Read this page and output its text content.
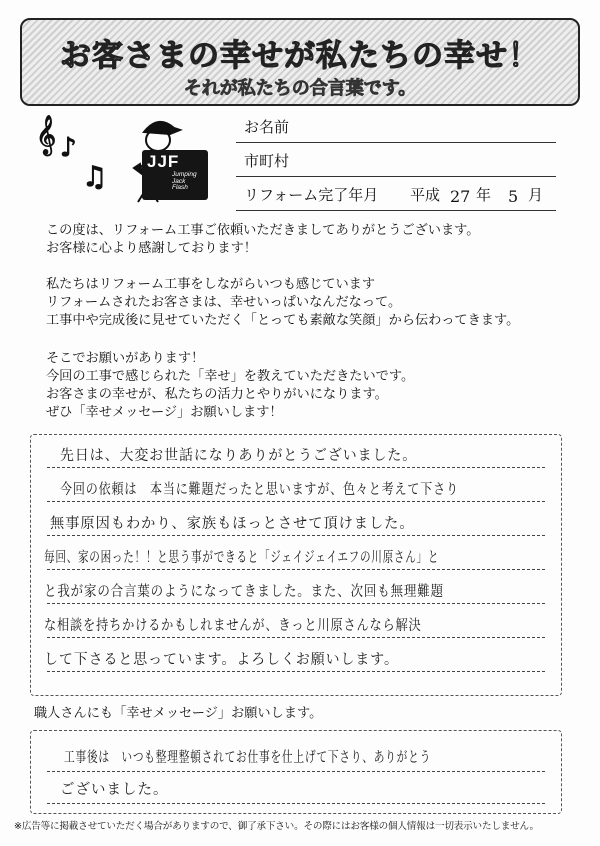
お客さまの幸せが私たちの幸せ！
それが私たちの合言葉です。
𝄞 ♪
♫ JJF
Jumping
Jack
Flash
お名前
市町村
リフォーム完了年月 平成 27 年 5 月
この度は、リフォーム工事ご依頼いただきましてありがとうございます。
お客様に心より感謝しております！
私たちはリフォーム工事をしながらいつも感じています
リフォームされたお客さまは、幸せいっぱいなんだなって。
工事中や完成後に見せていただく「とっても素敵な笑顔」から伝わってきます。
そこでお願いがあります！
今回の工事で感じられた「幸せ」を教えていただきたいです。
お客さまの幸せが、私たちの活力とやりがいになります。
ぜひ「幸せメッセージ」お願いします！
先日は、大変お世話になりありがとうございました。
今回の依頼は　本当に難題だったと思いますが、色々と考えて下さり
無事原因もわかり、家族もほっとさせて頂けました。
毎回、家の困った！！と思う事ができると「ジェイジェイエフの川原さん」と
と我が家の合言葉のようになってきました。また、次回も無理難題
な相談を持ちかけるかもしれませんが、きっと川原さんなら解決
して下さると思っています。よろしくお願いします。
職人さんにも「幸せメッセージ」お願いします。
工事後は　いつも整理整頓されてお仕事を仕上げて下さり、ありがとう
ございました。
※広告等に掲載させていただく場合がありますので、御了承下さい。その際にはお客様の個人情報は一切表示いたしません。
